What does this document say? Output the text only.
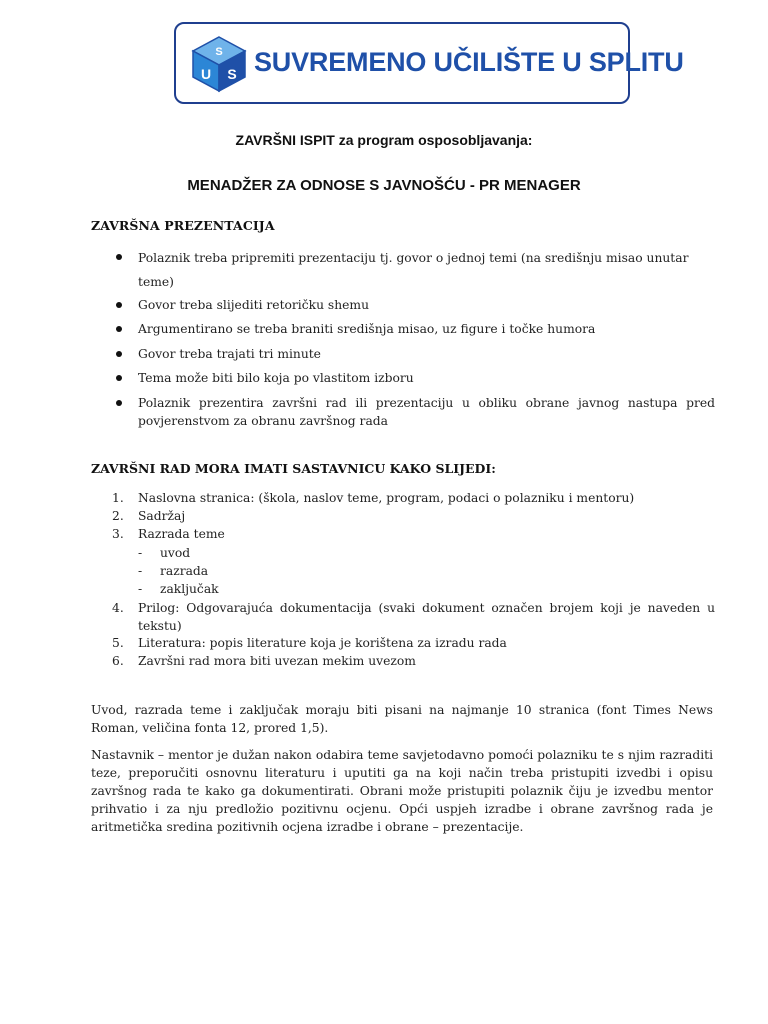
S
U S SUVREMENO UČILIŠTE U SPLITU
ZAVRŠNI ISPIT za program osposobljavanja:
MENADŽER ZA ODNOSE S JAVNOŠĆU - PR MENAGER
ZAVRŠNA PREZENTACIJA
Polaznik treba pripremiti prezentaciju tj. govor o jednoj temi (na središnju misao unutar teme)
Govor treba slijediti retoričku shemu
Argumentirano se treba braniti središnja misao, uz figure i točke humora
Govor treba trajati tri minute
Tema može biti bilo koja po vlastitom izboru
Polaznik prezentira završni rad ili prezentaciju u obliku obrane javnog nastupa pred povjerenstvom za obranu završnog rada
ZAVRŠNI RAD MORA IMATI SASTAVNICU KAKO SLIJEDI:
1.	Naslovna stranica: (škola, naslov teme, program, podaci o polazniku i mentoru)
2.	Sadržaj
3.	Razrada teme
- uvod
- razrada
- zaključak
4.	Prilog: Odgovarajuća dokumentacija (svaki dokument označen brojem koji je naveden u tekstu)
5.	Literatura: popis literature koja je korištena za izradu rada
6.	Završni rad mora biti uvezan mekim uvezom
Uvod, razrada teme i zaključak moraju biti pisani na najmanje 10 stranica (font Times News Roman, veličina fonta 12, prored 1,5).
Nastavnik – mentor je dužan nakon odabira teme savjetodavno pomoći polazniku te s njim razraditi teze, preporučiti osnovnu literaturu i uputiti ga na koji način treba pristupiti izvedbi i opisu završnog rada te kako ga dokumentirati. Obrani može pristupiti polaznik čiju je izvedbu mentor prihvatio i za nju predložio pozitivnu ocjenu. Opći uspjeh izradbe i obrane završnog rada je aritmetička sredina pozitivnih ocjena izradbe i obrane – prezentacije.
